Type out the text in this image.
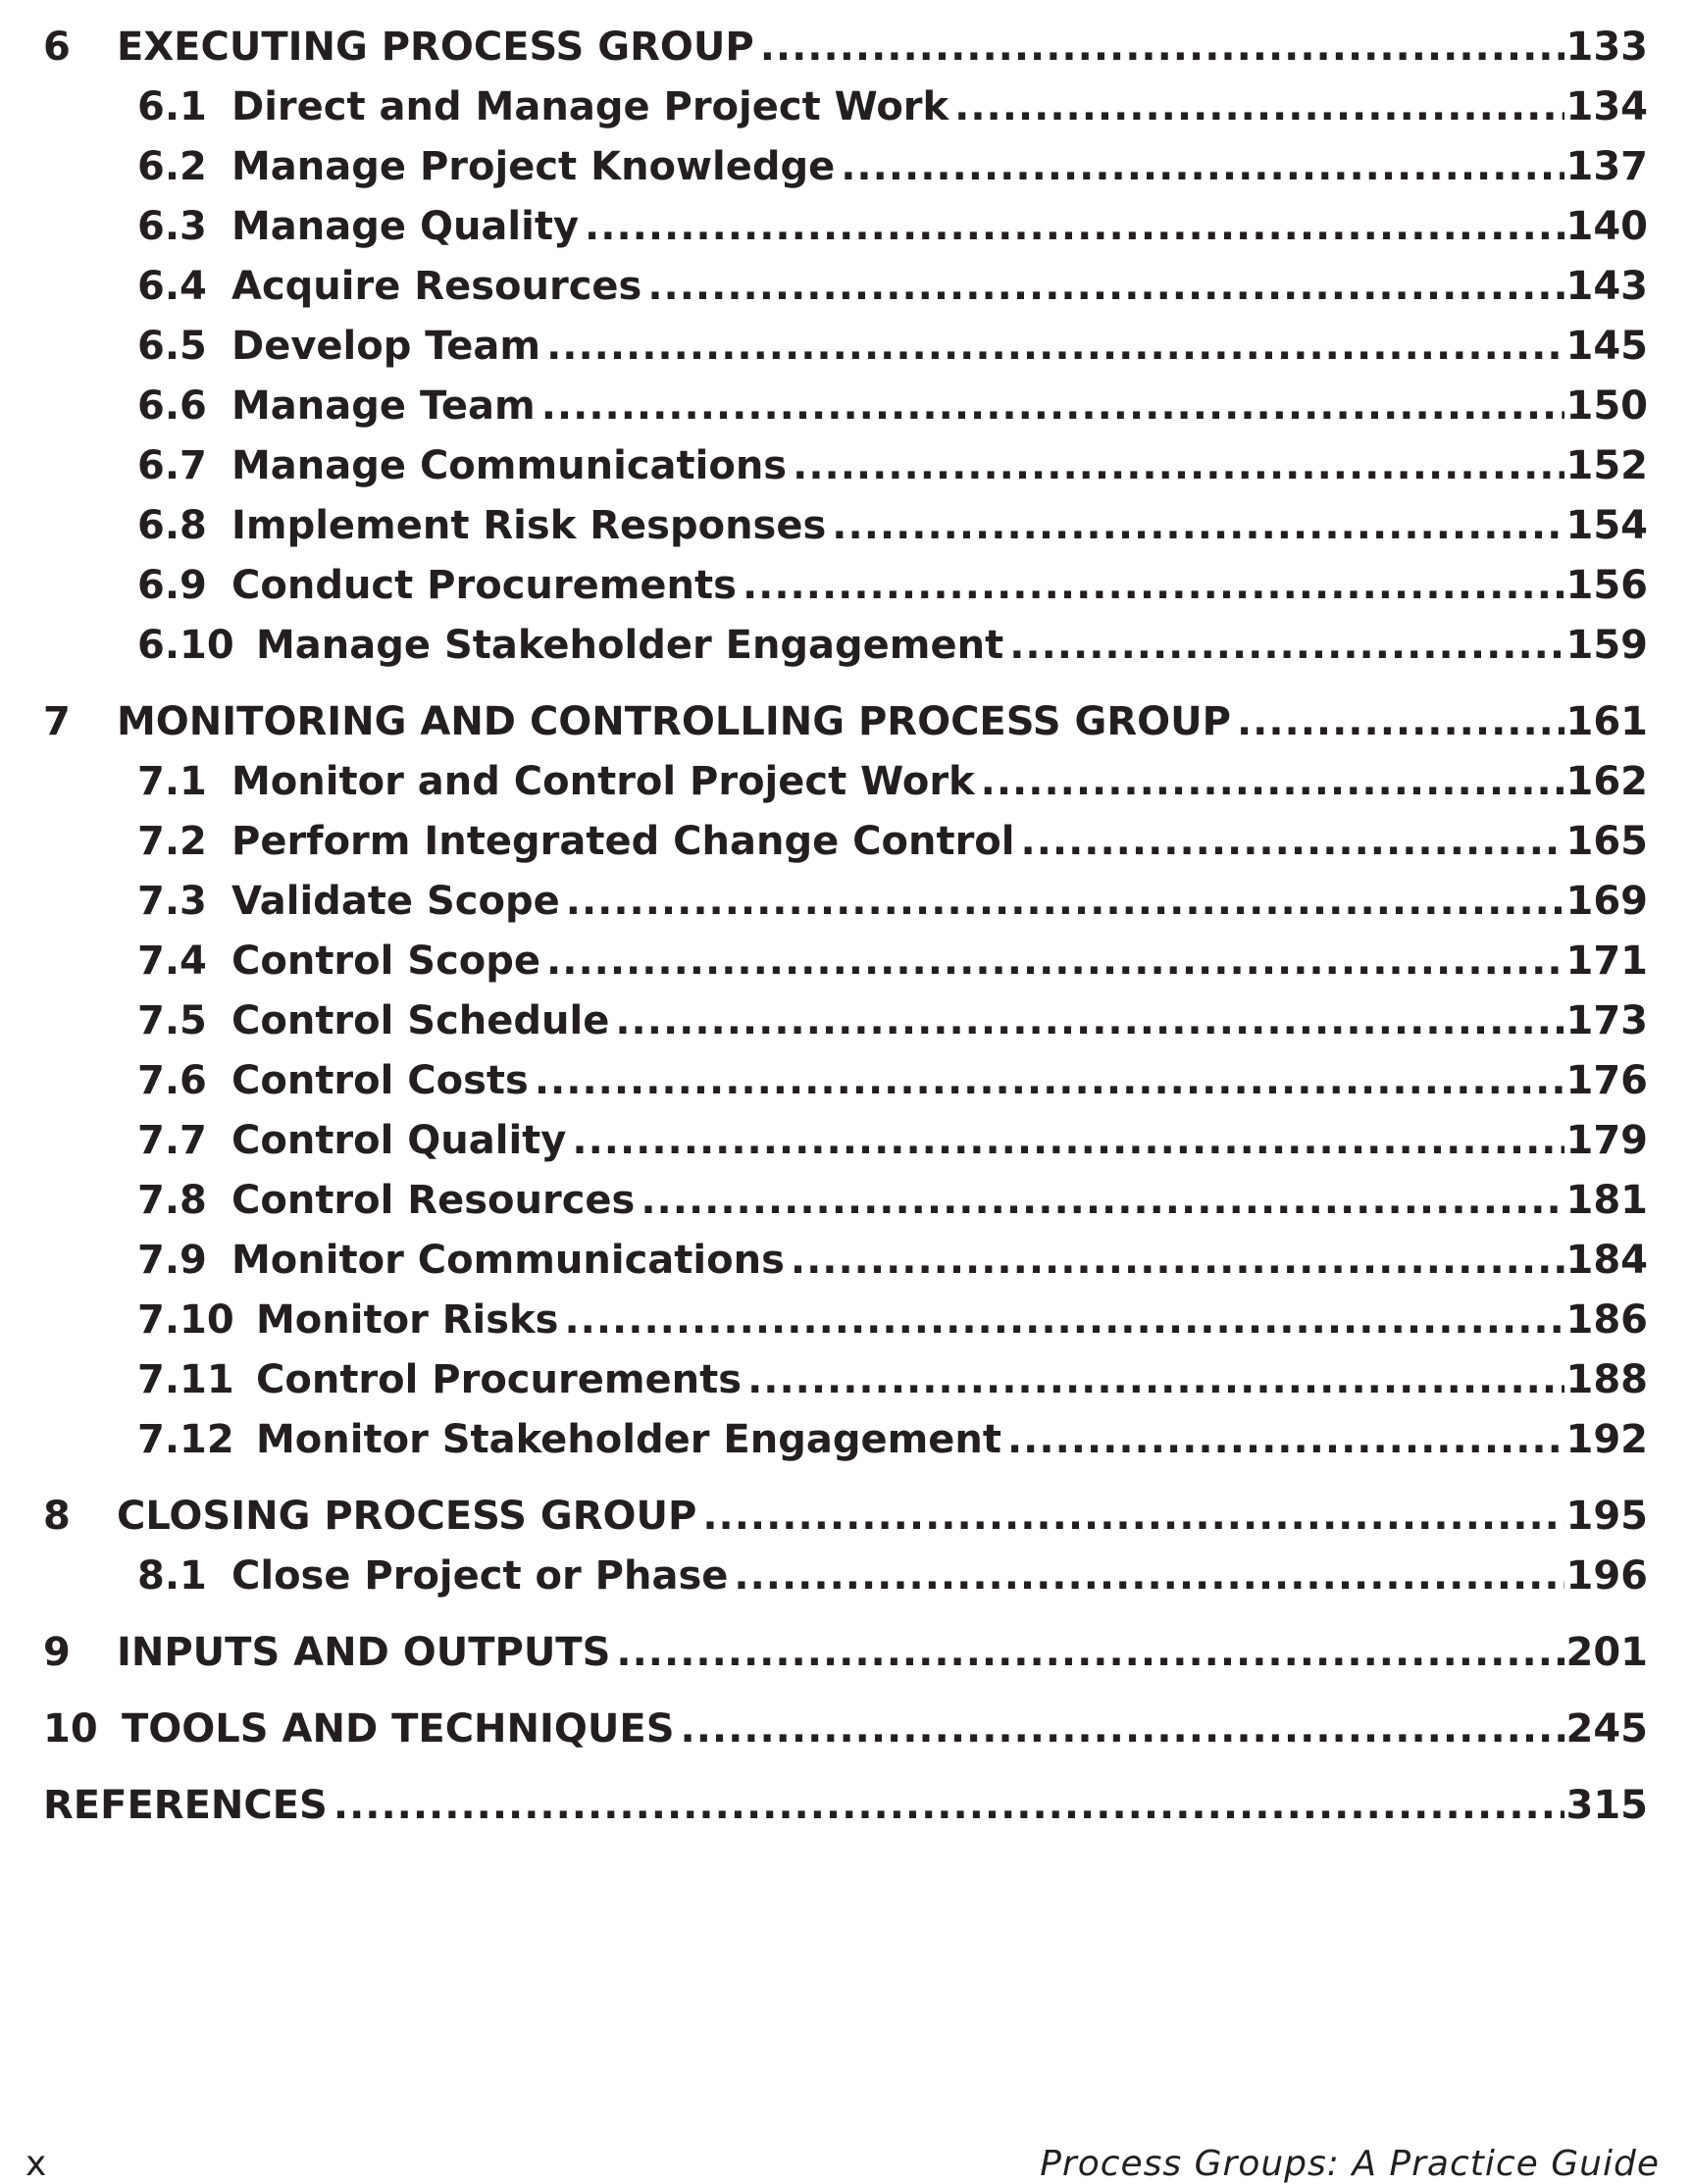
6	EXECUTING PROCESS GROUP .....	133
6.1 Direct and Manage Project Work .....	134
6.2 Manage Project Knowledge .....	137
6.3 Manage Quality .....	140
6.4 Acquire Resources .....	143
6.5 Develop Team .....	145
6.6 Manage Team .....	150
6.7 Manage Communications .....	152
6.8 Implement Risk Responses .....	154
6.9 Conduct Procurements .....	156
6.10 Manage Stakeholder Engagement .....	159
7	MONITORING AND CONTROLLING PROCESS GROUP .....	161
7.1 Monitor and Control Project Work .....	162
7.2 Perform Integrated Change Control .....	165
7.3 Validate Scope .....	169
7.4 Control Scope .....	171
7.5 Control Schedule .....	173
7.6 Control Costs .....	176
7.7 Control Quality .....	179
7.8 Control Resources .....	181
7.9 Monitor Communications .....	184
7.10 Monitor Risks .....	186
7.11 Control Procurements .....	188
7.12 Monitor Stakeholder Engagement .....	192
8	CLOSING PROCESS GROUP .....	195
8.1 Close Project or Phase .....	196
9	INPUTS AND OUTPUTS .....	201
10 TOOLS AND TECHNIQUES .....	245
REFERENCES .....	315
x	Process Groups: A Practice Guide
